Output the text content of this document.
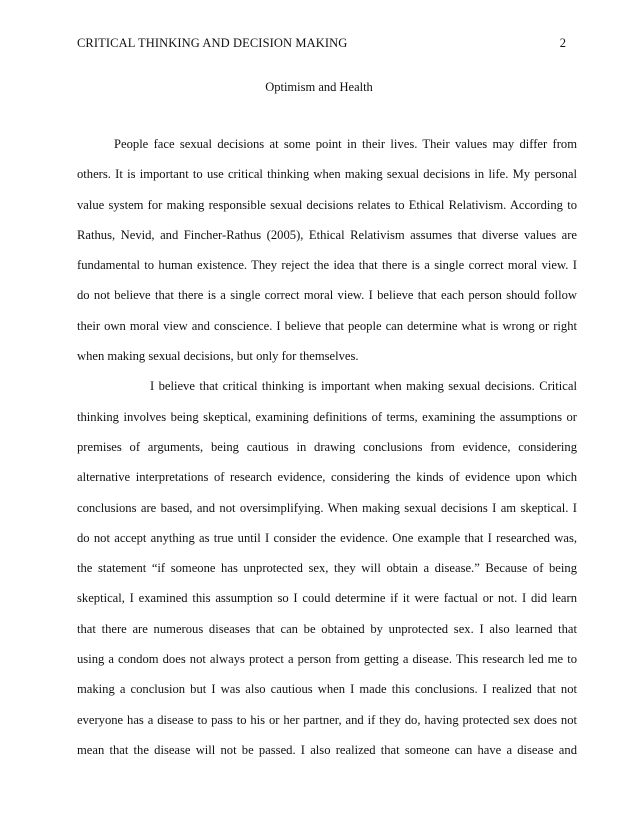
CRITICAL THINKING AND DECISION MAKING	2
Optimism and Health
People face sexual decisions at some point in their lives. Their values may differ from
others. It is important to use critical thinking when making sexual decisions in life. My personal
value system for making responsible sexual decisions relates to Ethical Relativism. According to
Rathus, Nevid, and Fincher-Rathus (2005), Ethical Relativism assumes that diverse values are
fundamental to human existence. They reject the idea that there is a single correct moral view. I
do not believe that there is a single correct moral view. I believe that each person should follow
their own moral view and conscience. I believe that people can determine what is wrong or right
when making sexual decisions, but only for themselves.
I believe that critical thinking is important when making sexual decisions. Critical
thinking involves being skeptical, examining definitions of terms, examining the assumptions or
premises of arguments, being cautious in drawing conclusions from evidence, considering
alternative interpretations of research evidence, considering the kinds of evidence upon which
conclusions are based, and not oversimplifying. When making sexual decisions I am skeptical. I
do not accept anything as true until I consider the evidence. One example that I researched was,
the statement “if someone has unprotected sex, they will obtain a disease.” Because of being
skeptical, I examined this assumption so I could determine if it were factual or not. I did learn
that there are numerous diseases that can be obtained by unprotected sex. I also learned that
using a condom does not always protect a person from getting a disease. This research led me to
making a conclusion but I was also cautious when I made this conclusions. I realized that not
everyone has a disease to pass to his or her partner, and if they do, having protected sex does not
mean that the disease will not be passed. I also realized that someone can have a disease and
